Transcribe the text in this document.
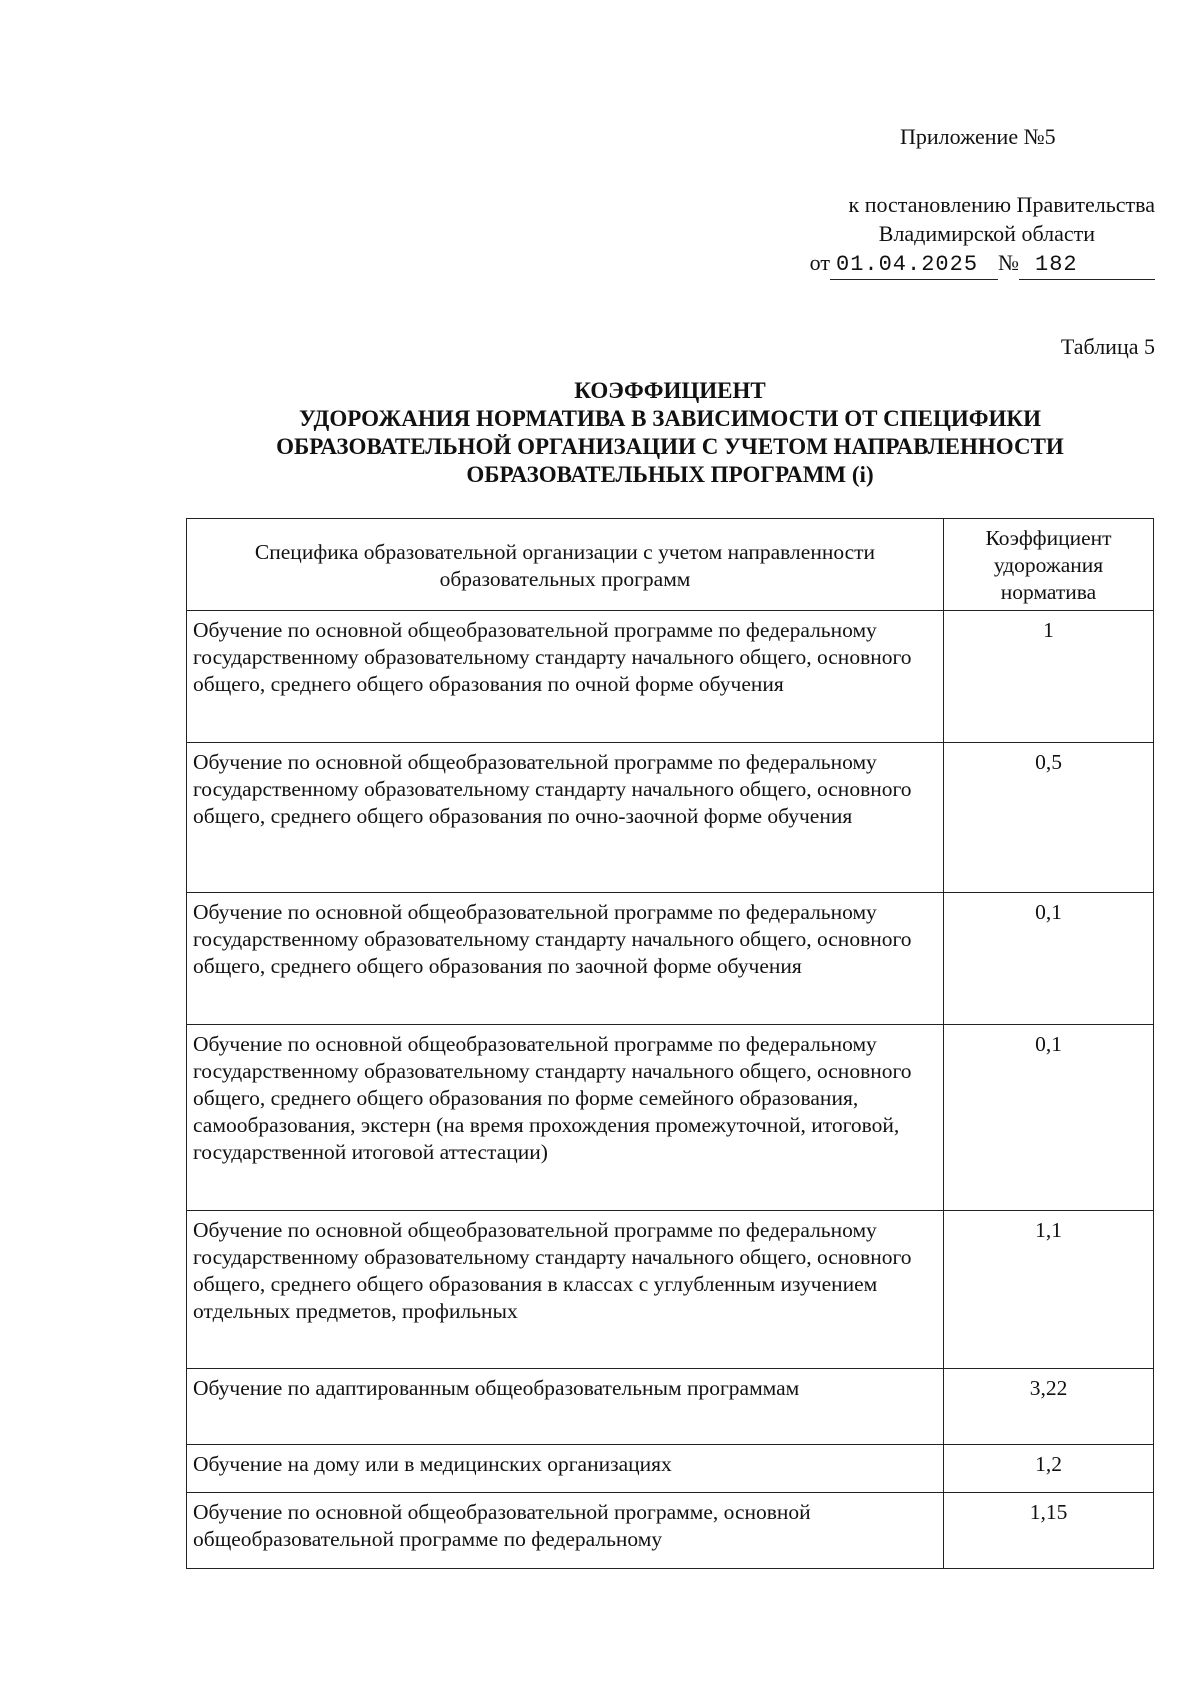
Приложение №5
к постановлению Правительства
Владимирской области
от 01.04.2025 № 182
Таблица 5
КОЭФФИЦИЕНТ
УДОРОЖАНИЯ НОРМАТИВА В ЗАВИСИМОСТИ ОТ СПЕЦИФИКИ
ОБРАЗОВАТЕЛЬНОЙ ОРГАНИЗАЦИИ С УЧЕТОМ НАПРАВЛЕННОСТИ
ОБРАЗОВАТЕЛЬНЫХ ПРОГРАММ (i)
Специфика образовательной организации с учетом направленности образовательных программ	Коэффициент удорожания норматива
Обучение по основной общеобразовательной программе по федеральному государственному образовательному стандарту начального общего, основного общего, среднего общего образования по очной форме обучения	1
Обучение по основной общеобразовательной программе по федеральному государственному образовательному стандарту начального общего, основного общего, среднего общего образования по очно-заочной форме обучения	0,5
Обучение по основной общеобразовательной программе по федеральному государственному образовательному стандарту начального общего, основного общего, среднего общего образования по заочной форме обучения	0,1
Обучение по основной общеобразовательной программе по федеральному государственному образовательному стандарту начального общего, основного общего, среднего общего образования по форме семейного образования, самообразования, экстерн (на время прохождения промежуточной, итоговой, государственной итоговой аттестации)	0,1
Обучение по основной общеобразовательной программе по федеральному государственному образовательному стандарту начального общего, основного общего, среднего общего образования в классах с углубленным изучением отдельных предметов, профильных	1,1
Обучение по адаптированным общеобразовательным программам	3,22
Обучение на дому или в медицинских организациях	1,2
Обучение по основной общеобразовательной программе, основной общеобразовательной программе по федеральному	1,15
